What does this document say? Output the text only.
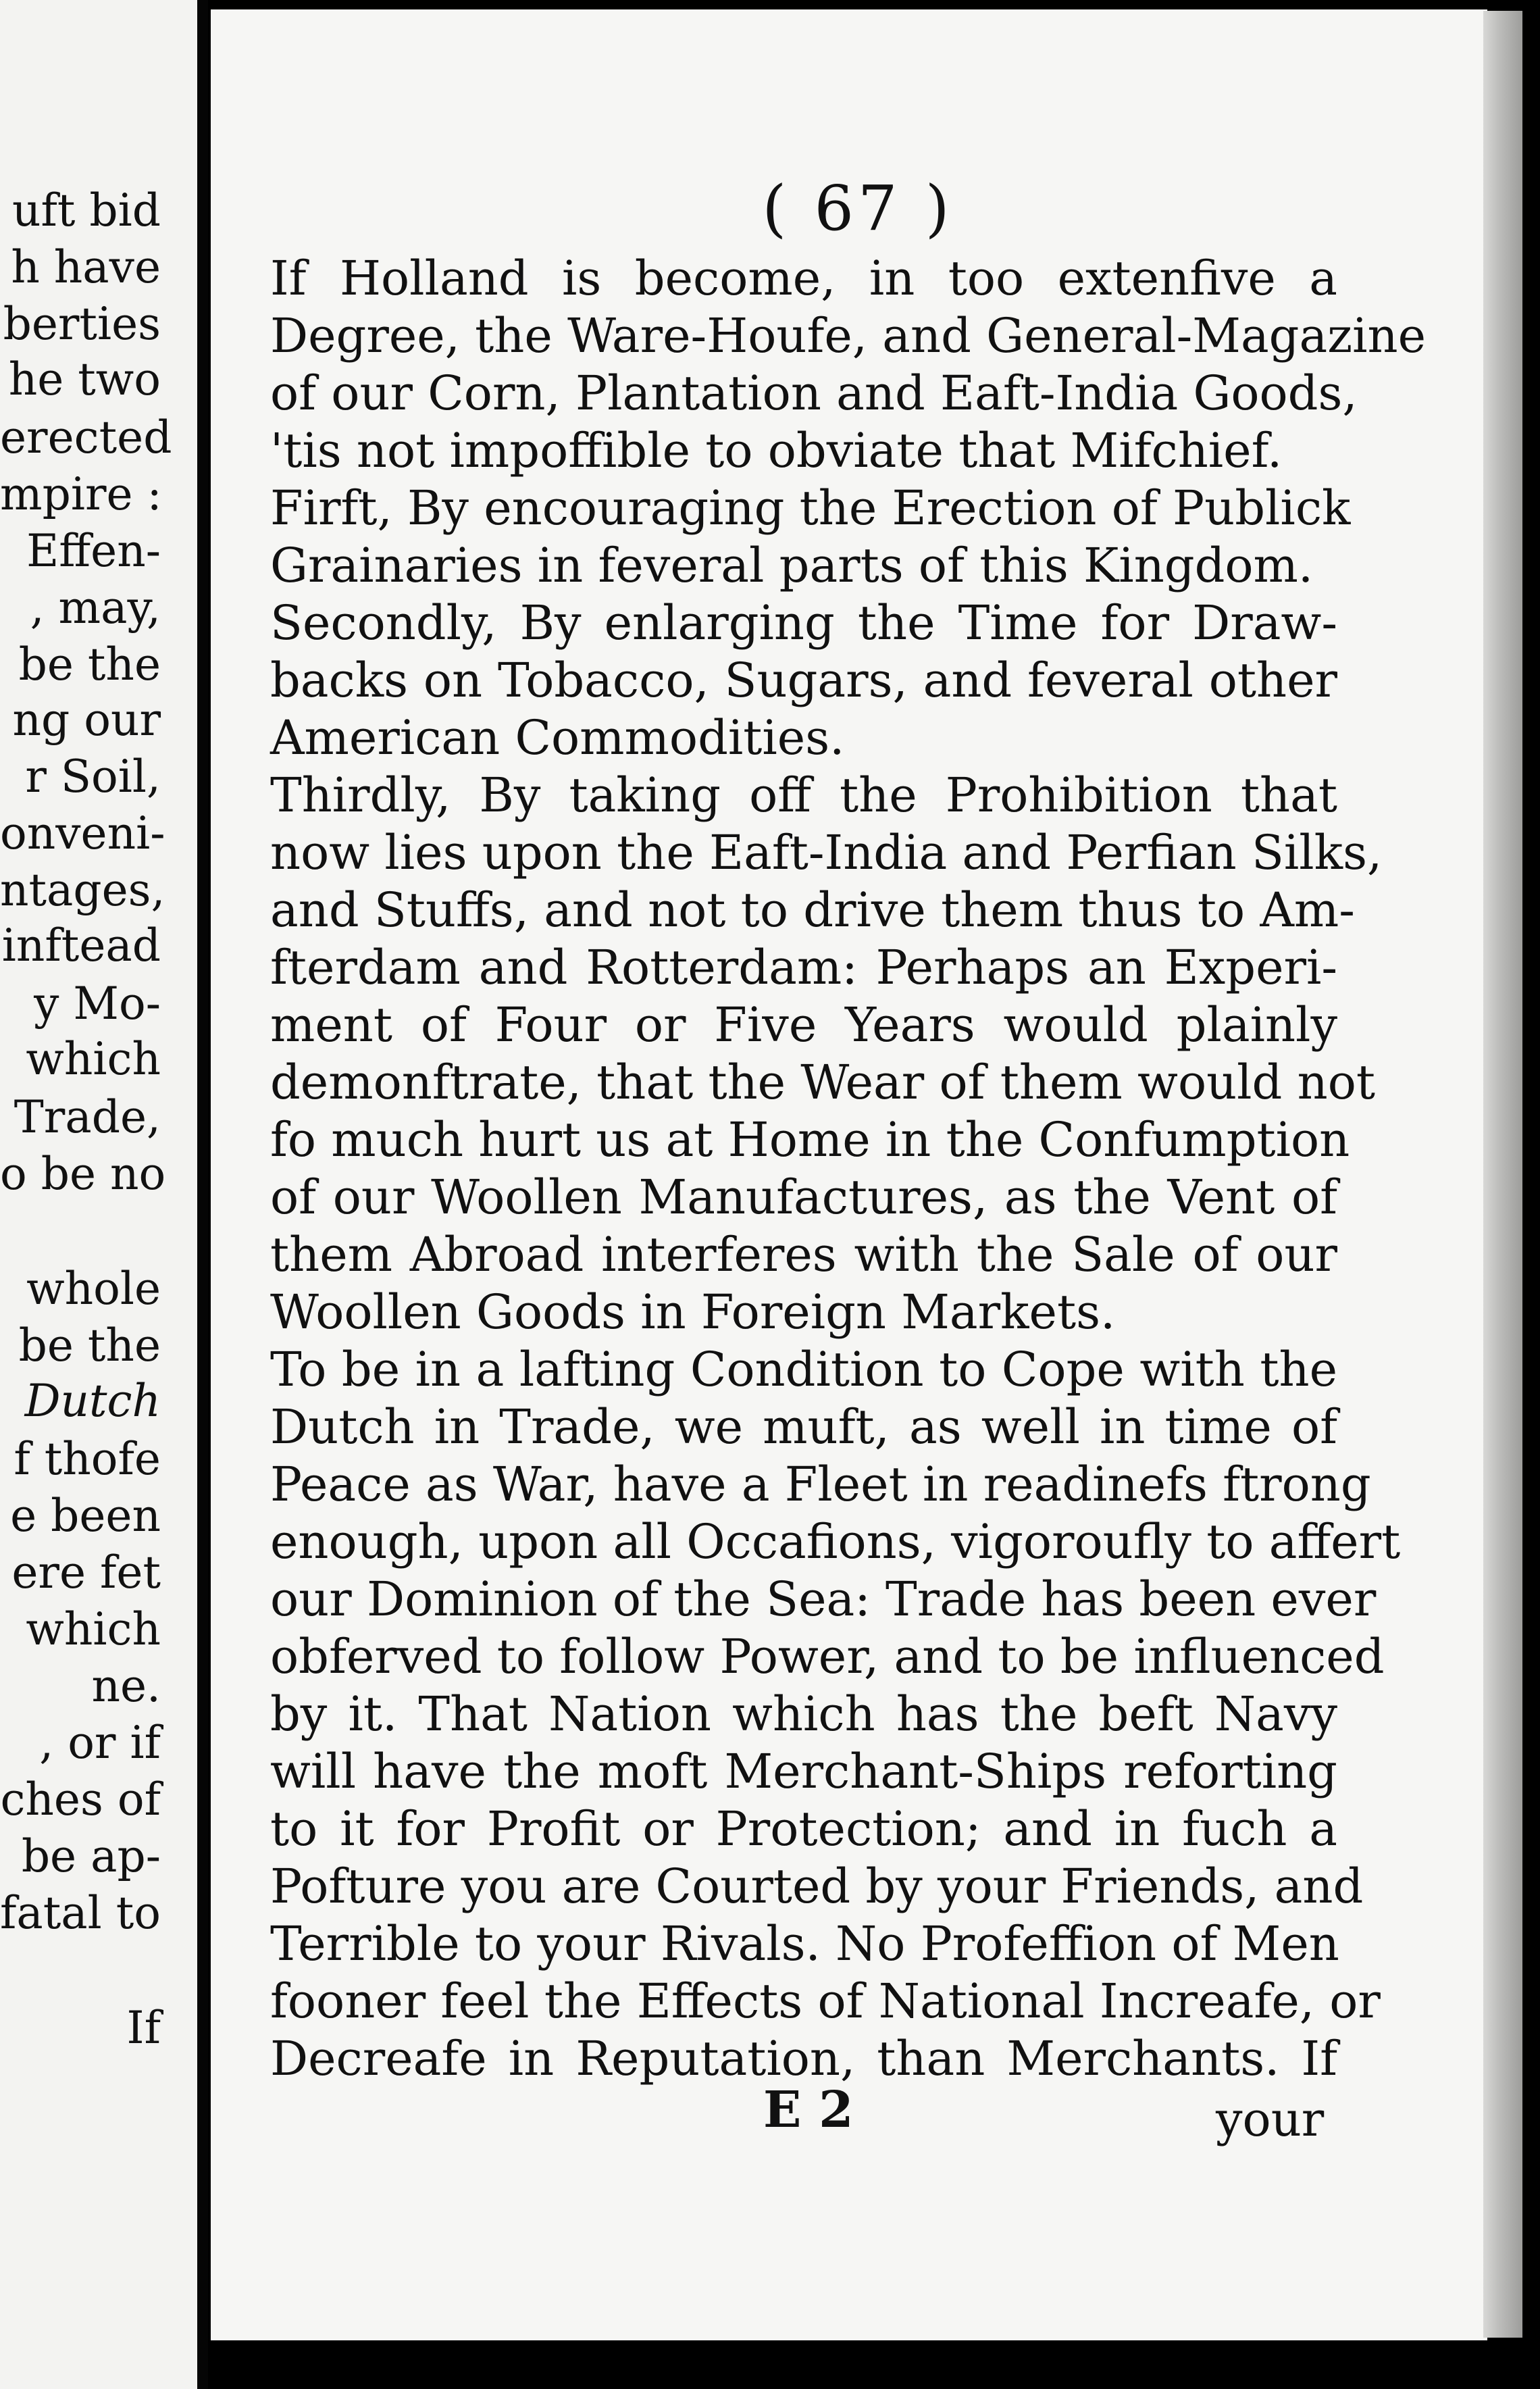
uft bid
h have
berties
he two
erected
mpire :
Effen-
, may,
be the
ng our
r Soil,
onveni-
ntages,
inftead
y Mo-
which
Trade,
o be no
whole
be the
Dutch
f thofe
e been
ere fet
which
ne.
, or if
ches of
be ap-
fatal to
If
( 67 )
If Holland is become, in too extenfive a
Degree, the Ware-Houfe, and General-Magazine
of our Corn, Plantation and Eaft-India Goods,
'tis not impoffible to obviate that Mifchief.
Firft, By encouraging the Erection of Publick
Grainaries in feveral parts of this Kingdom.
Secondly, By enlarging the Time for Draw-
backs on Tobacco, Sugars, and feveral other
American Commodities.
Thirdly, By taking off the Prohibition that
now lies upon the Eaft-India and Perfian Silks,
and Stuffs, and not to drive them thus to Am-
fterdam and Rotterdam: Perhaps an Experi-
ment of Four or Five Years would plainly
demonftrate, that the Wear of them would not
fo much hurt us at Home in the Confumption
of our Woollen Manufactures, as the Vent of
them Abroad interferes with the Sale of our
Woollen Goods in Foreign Markets.
To be in a lafting Condition to Cope with the
Dutch in Trade, we muft, as well in time of
Peace as War, have a Fleet in readinefs ftrong
enough, upon all Occafions, vigoroufly to affert
our Dominion of the Sea: Trade has been ever
obferved to follow Power, and to be influenced
by it. That Nation which has the beft Navy
will have the moft Merchant-Ships reforting
to it for Profit or Protection; and in fuch a
Pofture you are Courted by your Friends, and
Terrible to your Rivals. No Profeffion of Men
fooner feel the Effects of National Increafe, or
Decreafe in Reputation, than Merchants. If
E 2	your
